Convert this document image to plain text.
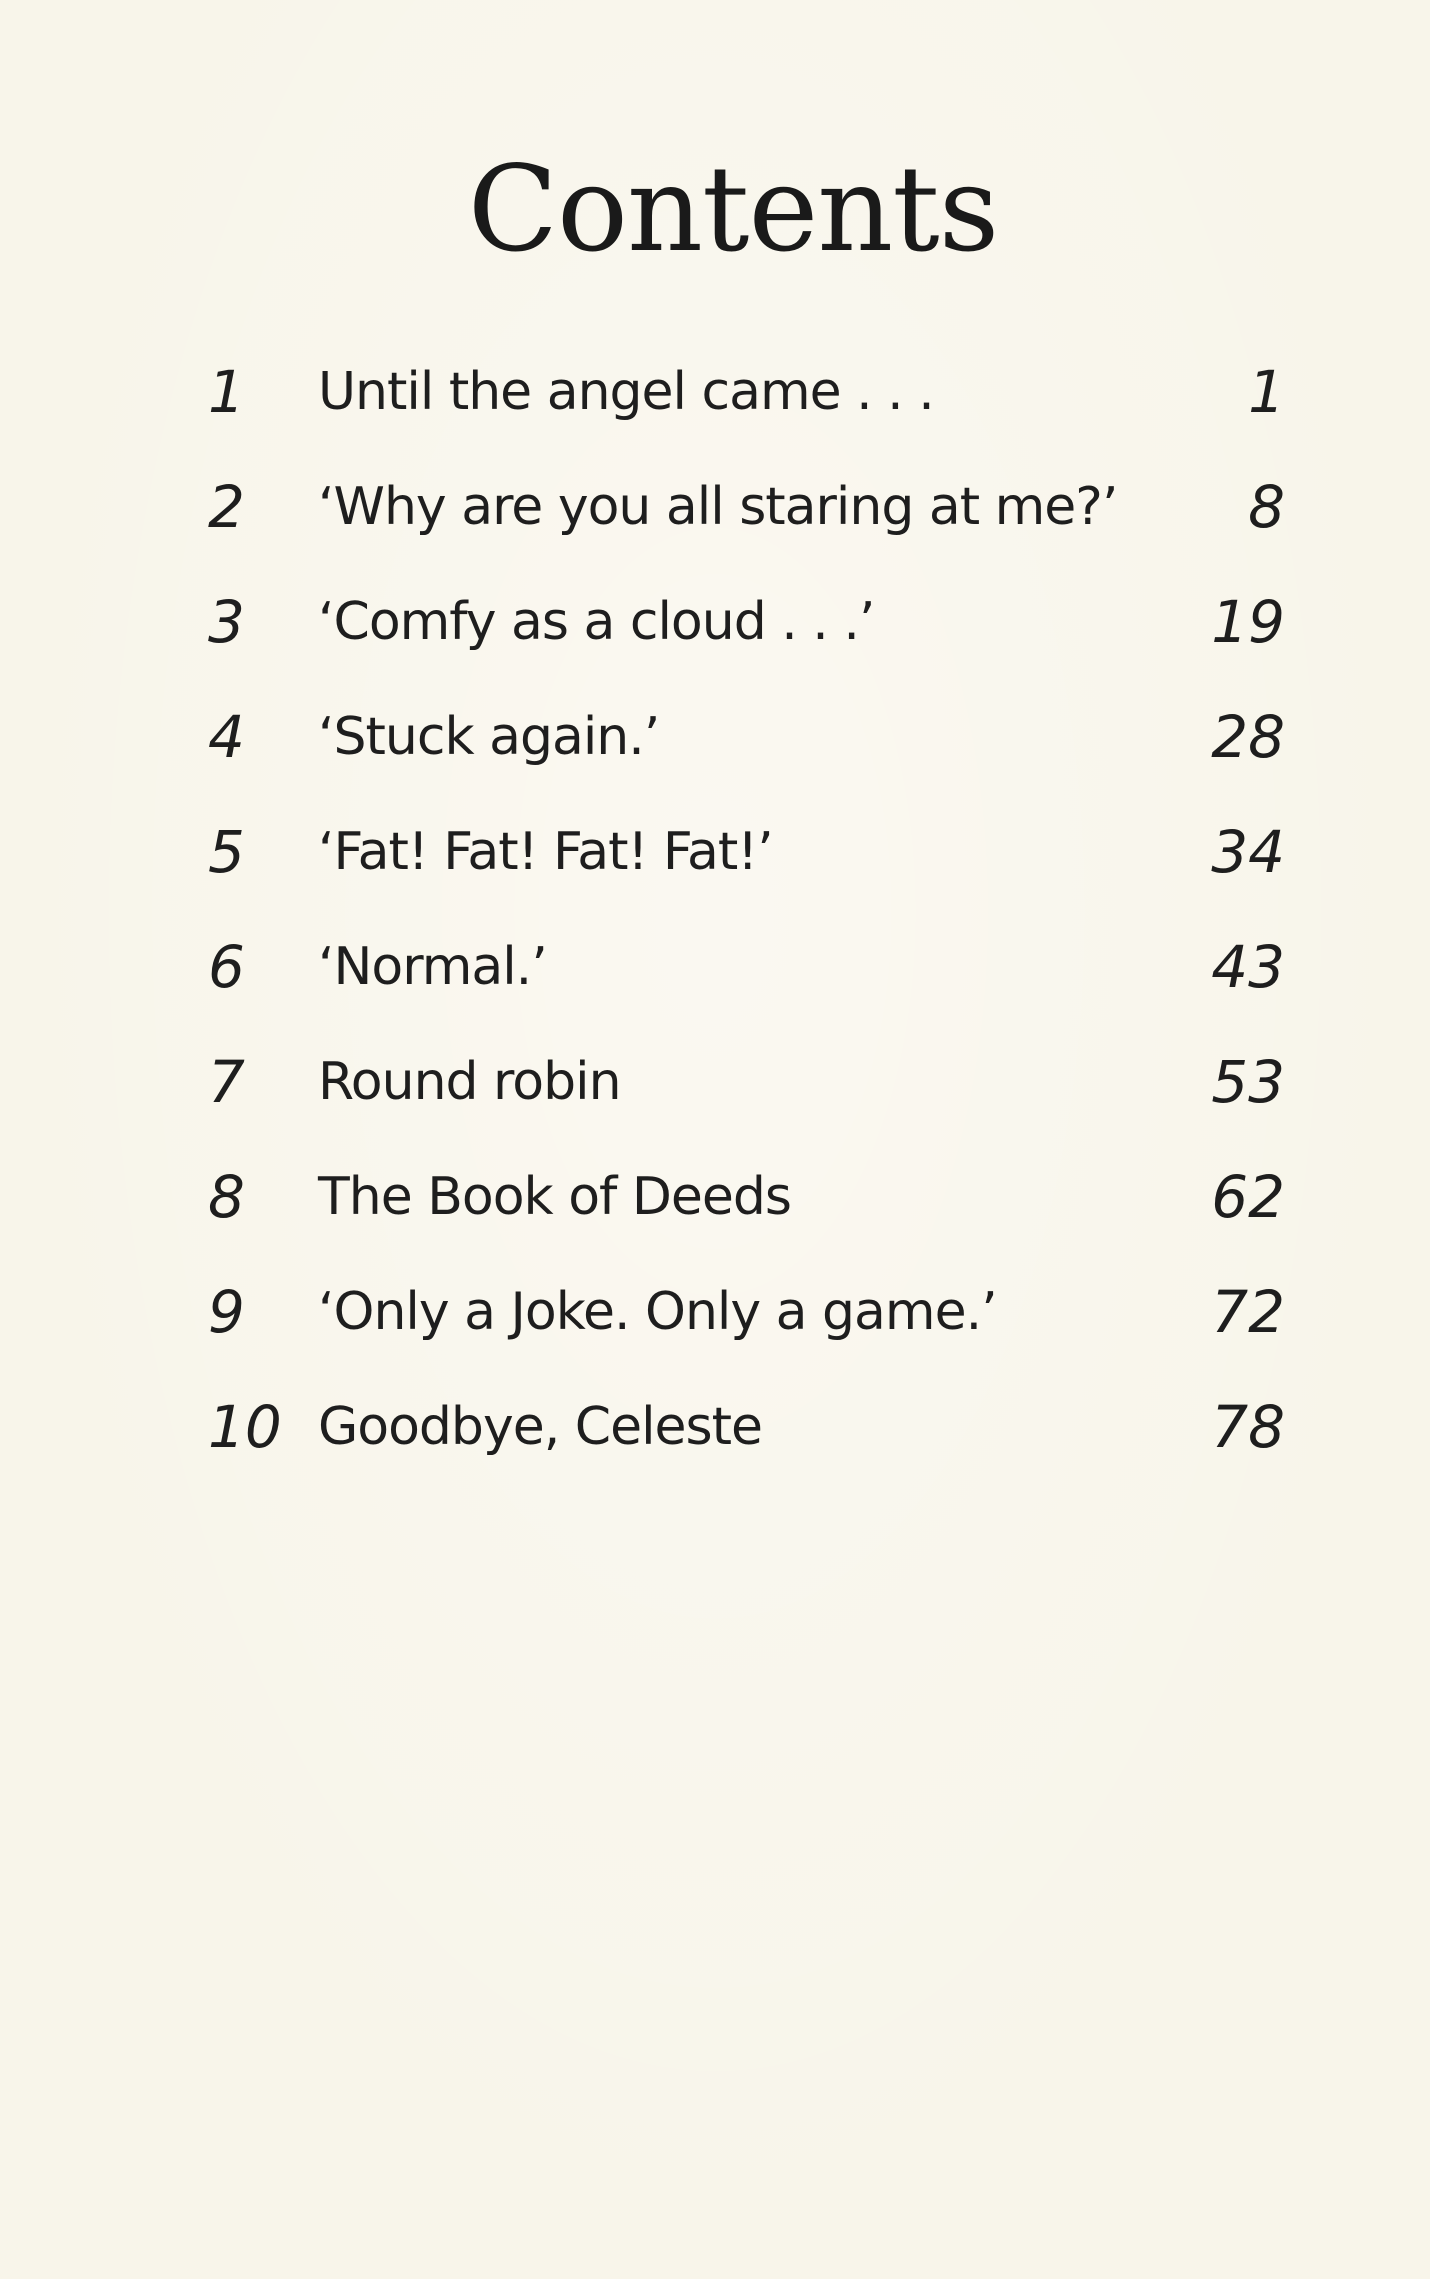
Contents
1 Until the angel came . . .	1
2 ‘Why are you all staring at me?’ 8
3 ‘Comfy as a cloud . . .’	19
4 ‘Stuck again.’	28
5 ‘Fat! Fat! Fat! Fat!’	34
6 ‘Normal.’	43
7 Round robin	53
8 The Book of Deeds	62
9 ‘Only a Joke. Only a game.’	72
10 Goodbye, Celeste	78
